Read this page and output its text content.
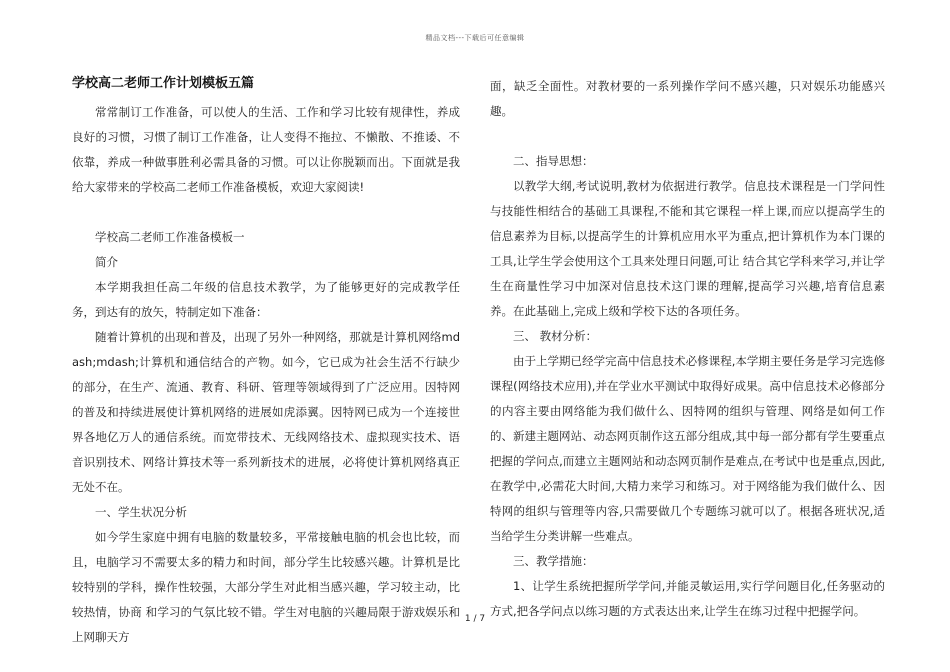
精品文档---下载后可任意编辑
学校高二老师工作计划模板五篇

常常制订工作准备，可以使人的生活、工作和学习比较有规律性，养成良好的习惯，习惯了制订工作准备，让人变得不拖拉、不懒散、不推诿、不依靠，养成一种做事胜利必需具备的习惯。可以让你脱颖而出。下面就是我给大家带来的学校高二老师工作准备模板，欢迎大家阅读!

学校高二老师工作准备模板一

简介

本学期我担任高二年级的信息技术教学，为了能够更好的完成教学任务，到达有的放矢，特制定如下准备：

随着计算机的出现和普及，出现了另外一种网络，那就是计算机网络mdash;mdash;计算机和通信结合的产物。如今，它已成为社会生活不行缺少的部分，在生产、流通、教育、科研、管理等领域得到了广泛应用。因特网的普及和持续进展使计算机网络的进展如虎添翼。因特网已成为一个连接世界各地亿万人的通信系统。而宽带技术、无线网络技术、虚拟现实技术、语音识别技术、网络计算技术等一系列新技术的进展，必将使计算机网络真正无处不在。

一、学生状况分析

如今学生家庭中拥有电脑的数量较多，平常接触电脑的机会也比较，而且，电脑学习不需要太多的精力和时间，部分学生比较感兴趣。计算机是比较特别的学科，操作性较强，大部分学生对此相当感兴趣，学习较主动，比较热情，协商 和学习的气氛比较不错。学生对电脑的兴趣局限于游戏娱乐和上网聊天方

面，缺乏全面性。对教材要的一系列操作学问不感兴趣，只对娱乐功能感兴趣。

二、指导思想：

以教学大纲,考试说明,教材为依据进行教学。信息技术课程是一门学问性与技能性相结合的基础工具课程,不能和其它课程一样上课,而应以提高学生的信息素养为目标,以提高学生的计算机应用水平为重点,把计算机作为本门课的工具,让学生学会使用这个工具来处理日问题,可让 结合其它学科来学习,并让学生在商量性学习中加深对信息技术这门课的理解,提高学习兴趣,培育信息素养。在此基础上,完成上级和学校下达的各项任务。

三、 教材分析：

由于上学期已经学完高中信息技术必修课程,本学期主要任务是学习完选修课程(网络技术应用),并在学业水平测试中取得好成果。高中信息技术必修部分的内容主要由网络能为我们做什么、因特网的组织与管理、网络是如何工作的、新建主题网站、动态网页制作这五部分组成,其中每一部分都有学生要重点把握的学问点,而建立主题网站和动态网页制作是难点,在考试中也是重点,因此,在教学中,必需花大时间,大精力来学习和练习。对于网络能为我们做什么、因特网的组织与管理等内容,只需要做几个专题练习就可以了。根据各班状况,适当给学生分类讲解一些难点。

三、教学措施：

1、让学生系统把握所学学问,并能灵敏运用,实行学问题目化,任务驱动的方式,把各学问点以练习题的方式表达出来,让学生在练习过程中把握学问。

1 / 7
